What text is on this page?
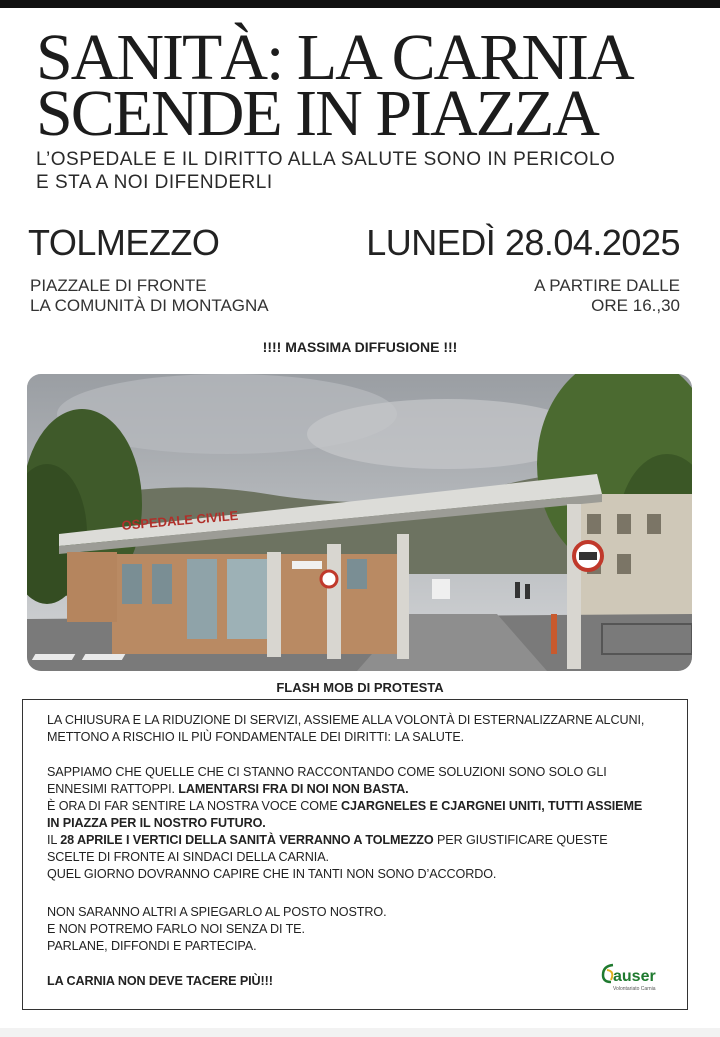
SANITÀ: LA CARNIA
SCENDE IN PIAZZA
L’OSPEDALE E IL DIRITTO ALLA SALUTE SONO IN PERICOLO
E STA A NOI DIFENDERLI
TOLMEZZO	LUNEDÌ 28.04.2025
PIAZZALE DI FRONTE
LA COMUNITÀ DI MONTAGNA
A PARTIRE DALLE
ORE 16.,30
!!!! MASSIMA DIFFUSIONE !!!
OSPEDALE CIVILE
FLASH MOB DI PROTESTA
LA CHIUSURA E LA RIDUZIONE DI SERVIZI, ASSIEME ALLA VOLONTÀ DI ESTERNALIZZARNE ALCUNI,
METTONO A RISCHIO IL PIÙ FONDAMENTALE DEI DIRITTI: LA SALUTE.
SAPPIAMO CHE QUELLE CHE CI STANNO RACCONTANDO COME SOLUZIONI SONO SOLO GLI
ENNESIMI RATTOPPI. LAMENTARSI FRA DI NOI NON BASTA.
È ORA DI FAR SENTIRE LA NOSTRA VOCE COME CJARGNELES E CJARGNEI UNITI, TUTTI ASSIEME
IN PIAZZA PER IL NOSTRO FUTURO.
IL 28 APRILE I VERTICI DELLA SANITÀ VERRANNO A TOLMEZZO PER GIUSTIFICARE QUESTE
SCELTE DI FRONTE AI SINDACI DELLA CARNIA.
QUEL GIORNO DOVRANNO CAPIRE CHE IN TANTI NON SONO D’ACCORDO.
NON SARANNO ALTRI A SPIEGARLO AL POSTO NOSTRO.
E NON POTREMO FARLO NOI SENZA DI TE.
PARLANE, DIFFONDI E PARTECIPA.
LA CARNIA NON DEVE TACERE PIÙ!!!	auser
Volontariato Carnia
